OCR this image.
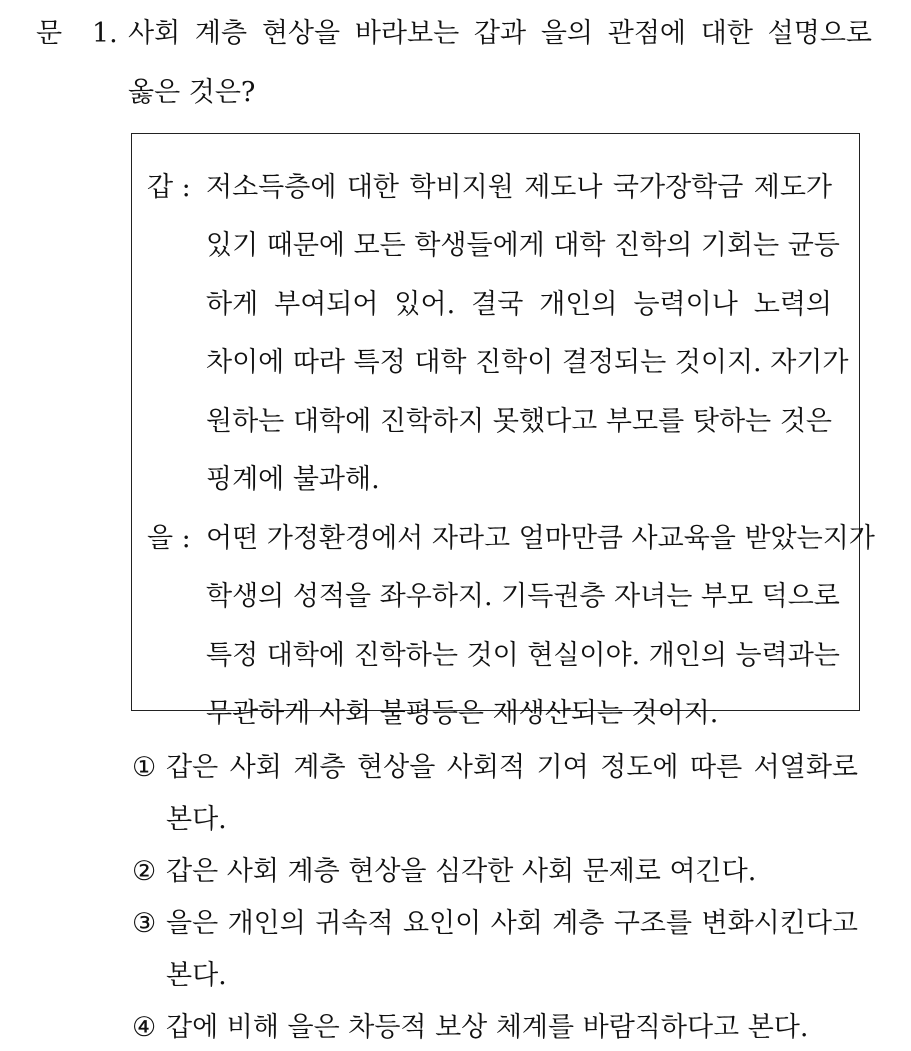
문 1. 사회 계층 현상을 바라보는 갑과 을의 관점에 대한 설명으로
옳은 것은?
갑 : 저소득층에 대한 학비지원 제도나 국가장학금 제도가
있기 때문에 모든 학생들에게 대학 진학의 기회는 균등
하게 부여되어 있어. 결국 개인의 능력이나 노력의
차이에 따라 특정 대학 진학이 결정되는 것이지. 자기가
원하는 대학에 진학하지 못했다고 부모를 탓하는 것은
핑계에 불과해.
을 : 어떤 가정환경에서 자라고 얼마만큼 사교육을 받았는지가
학생의 성적을 좌우하지. 기득권층 자녀는 부모 덕으로
특정 대학에 진학하는 것이 현실이야. 개인의 능력과는
무관하게 사회 불평등은 재생산되는 것이지.
① 갑은 사회 계층 현상을 사회적 기여 정도에 따른 서열화로
본다.
② 갑은 사회 계층 현상을 심각한 사회 문제로 여긴다.
③ 을은 개인의 귀속적 요인이 사회 계층 구조를 변화시킨다고
본다.
④ 갑에 비해 을은 차등적 보상 체계를 바람직하다고 본다.
